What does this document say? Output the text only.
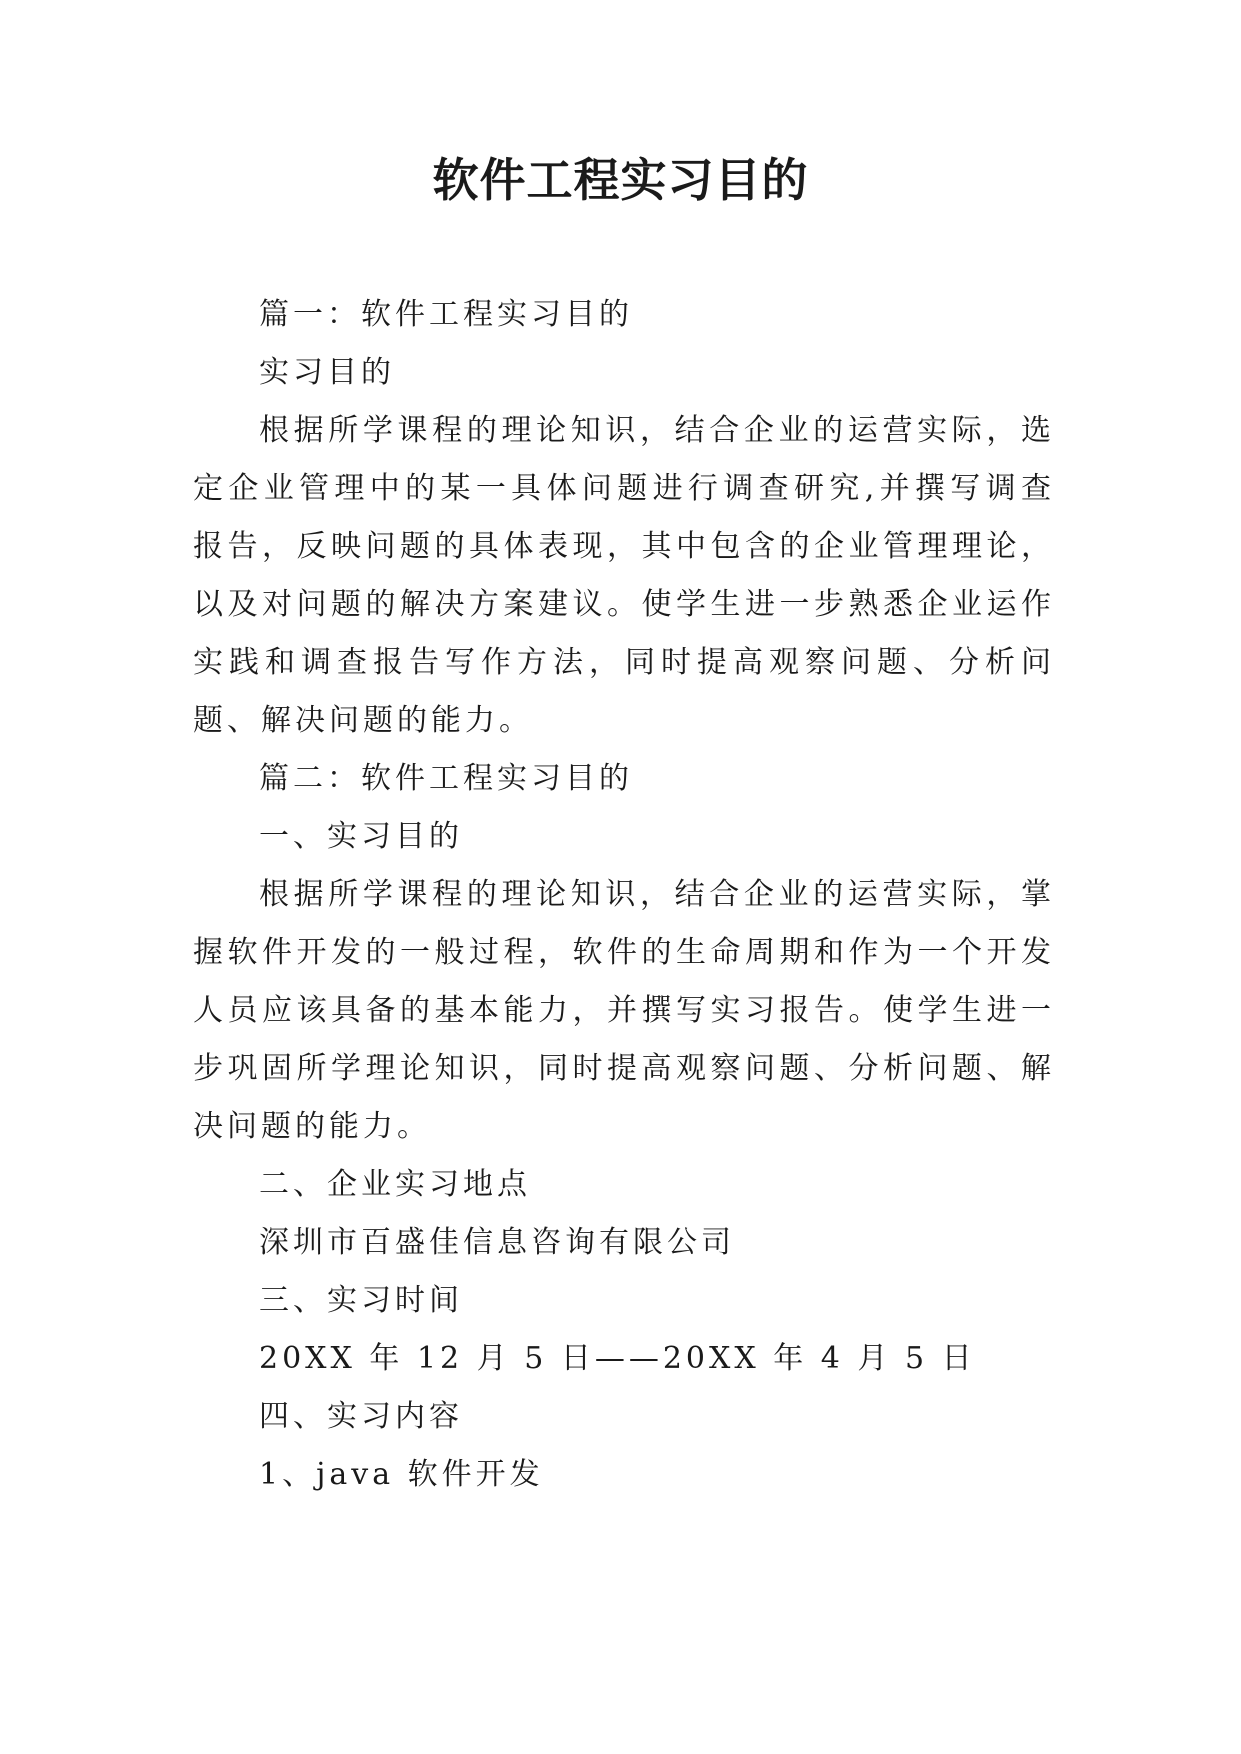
软件工程实习目的

篇一：软件工程实习目的

实习目的

根据所学课程的理论知识，结合企业的运营实际，选定企业管理中的某一具体问题进行调查研究,并撰写调查报告，反映问题的具体表现，其中包含的企业管理理论，以及对问题的解决方案建议。使学生进一步熟悉企业运作实践和调查报告写作方法，同时提高观察问题、分析问题、解决问题的能力。

篇二：软件工程实习目的

一、实习目的

根据所学课程的理论知识，结合企业的运营实际，掌握软件开发的一般过程，软件的生命周期和作为一个开发人员应该具备的基本能力，并撰写实习报告。使学生进一步巩固所学理论知识，同时提高观察问题、分析问题、解决问题的能力。

二、企业实习地点

深圳市百盛佳信息咨询有限公司

三、实习时间

20XX 年 12 月 5 日——20XX 年 4 月 5 日

四、实习内容

1、java 软件开发
